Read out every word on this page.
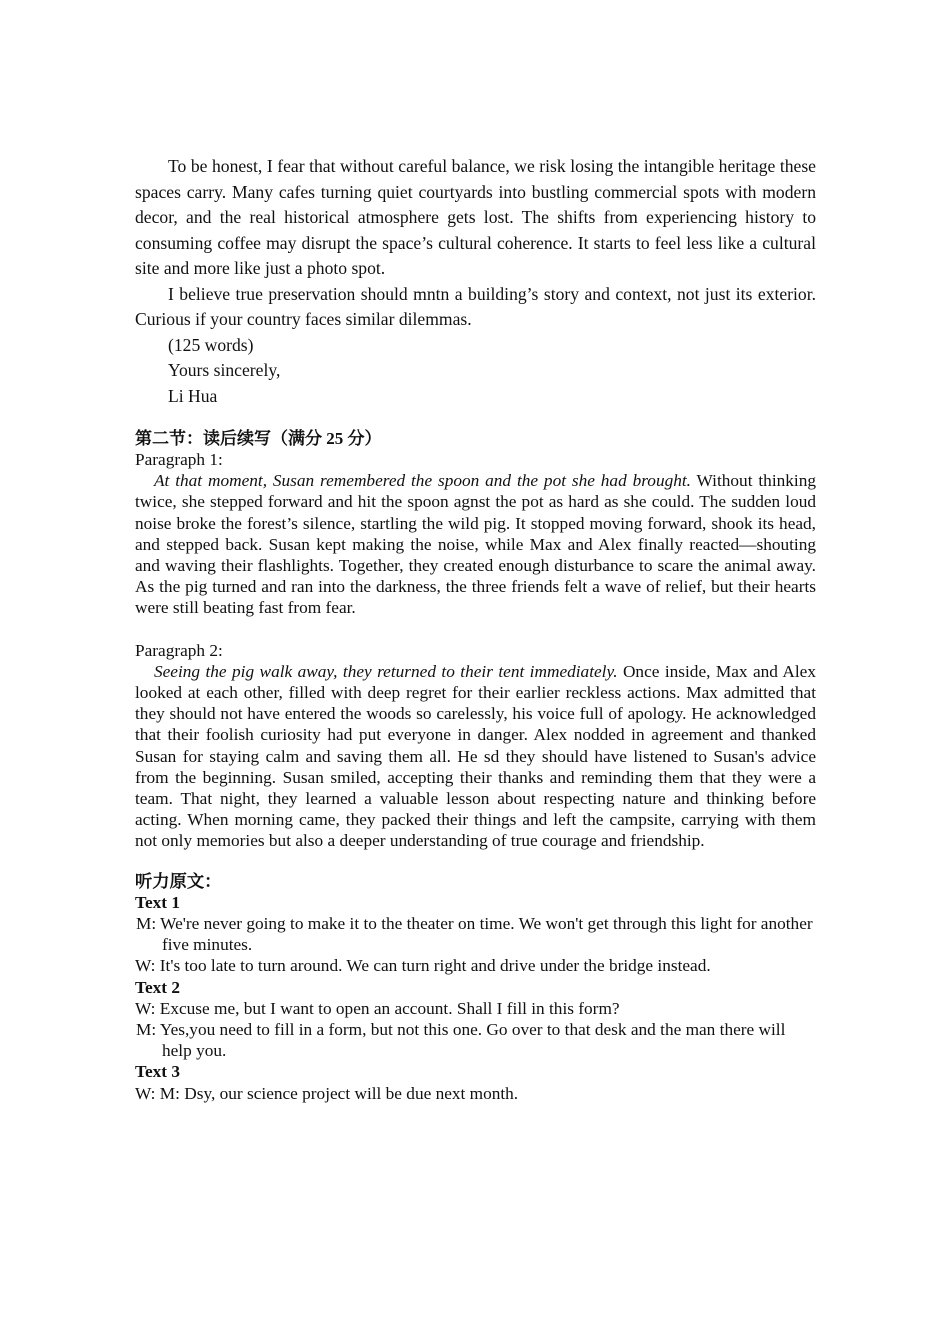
To be honest, I fear that without careful balance, we risk losing the intangible heritage these spaces carry. Many cafes turning quiet courtyards into bustling commercial spots with modern decor, and the real historical atmosphere gets lost. The shifts from experiencing history to consuming coffee may disrupt the space’s cultural coherence. It starts to feel less like a cultural site and more like just a photo spot.

I believe true preservation should mntn a building’s story and context, not just its exterior. Curious if your country faces similar dilemmas.

(125 words)

Yours sincerely,

Li Hua

第二节：读后续写（满分 25 分）

Paragraph 1:

At that moment, Susan remembered the spoon and the pot she had brought. Without thinking twice, she stepped forward and hit the spoon agnst the pot as hard as she could. The sudden loud noise broke the forest’s silence, startling the wild pig. It stopped moving forward, shook its head, and stepped back. Susan kept making the noise, while Max and Alex finally reacted—shouting and waving their flashlights. Together, they created enough disturbance to scare the animal away. As the pig turned and ran into the darkness, the three friends felt a wave of relief, but their hearts were still beating fast from fear.

Paragraph 2:

Seeing the pig walk away, they returned to their tent immediately. Once inside, Max and Alex looked at each other, filled with deep regret for their earlier reckless actions. Max admitted that they should not have entered the woods so carelessly, his voice full of apology. He acknowledged that their foolish curiosity had put everyone in danger. Alex nodded in agreement and thanked Susan for staying calm and saving them all. He sd they should have listened to Susan's advice from the beginning. Susan smiled, accepting their thanks and reminding them that they were a team. That night, they learned a valuable lesson about respecting nature and thinking before acting. When morning came, they packed their things and left the campsite, carrying with them not only memories but also a deeper understanding of true courage and friendship.

听力原文：
Text 1
M: We're never going to make it to the theater on time. We won't get through this light for another five minutes.
W: It's too late to turn around. We can turn right and drive under the bridge instead.
Text 2
W: Excuse me, but I want to open an account. Shall I fill in this form?
M: Yes,you need to fill in a form, but not this one. Go over to that desk and the man there will help you.
Text 3
W: M: Dsy, our science project will be due next month.
